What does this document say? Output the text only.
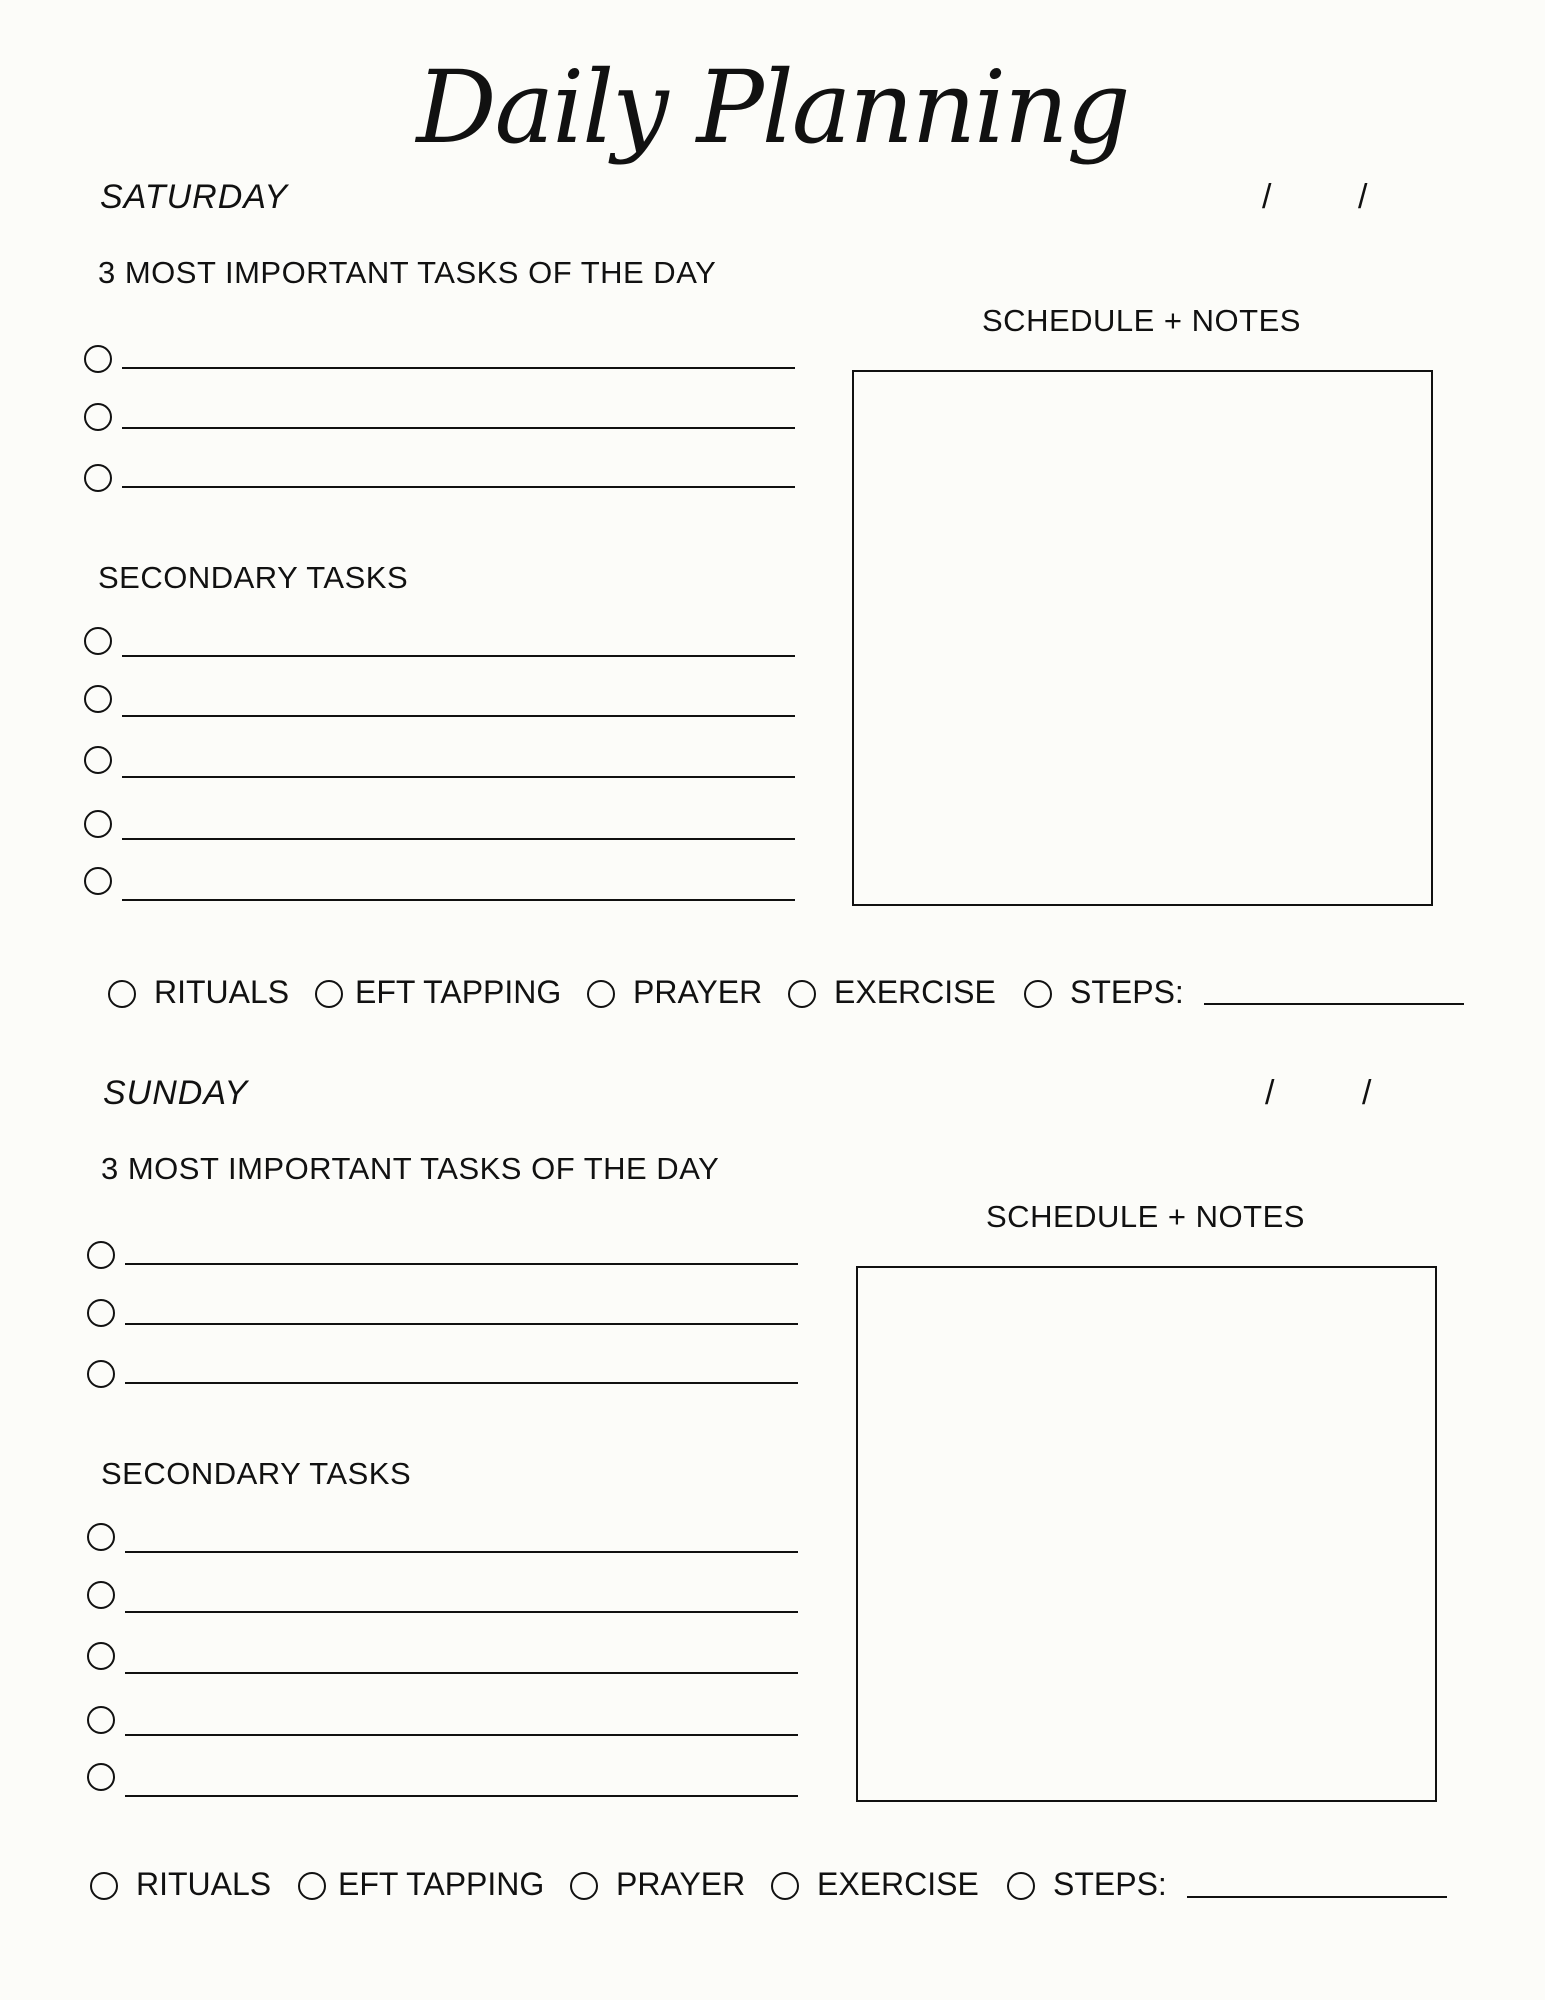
Daily Planning
SATURDAY	/	/
3 MOST IMPORTANT TASKS OF THE DAY
SCHEDULE + NOTES
SECONDARY TASKS
RITUALS EFT TAPPING PRAYER EXERCISE STEPS:
SUNDAY	/	/
3 MOST IMPORTANT TASKS OF THE DAY
SCHEDULE + NOTES
SECONDARY TASKS
RITUALS EFT TAPPING PRAYER EXERCISE STEPS:
